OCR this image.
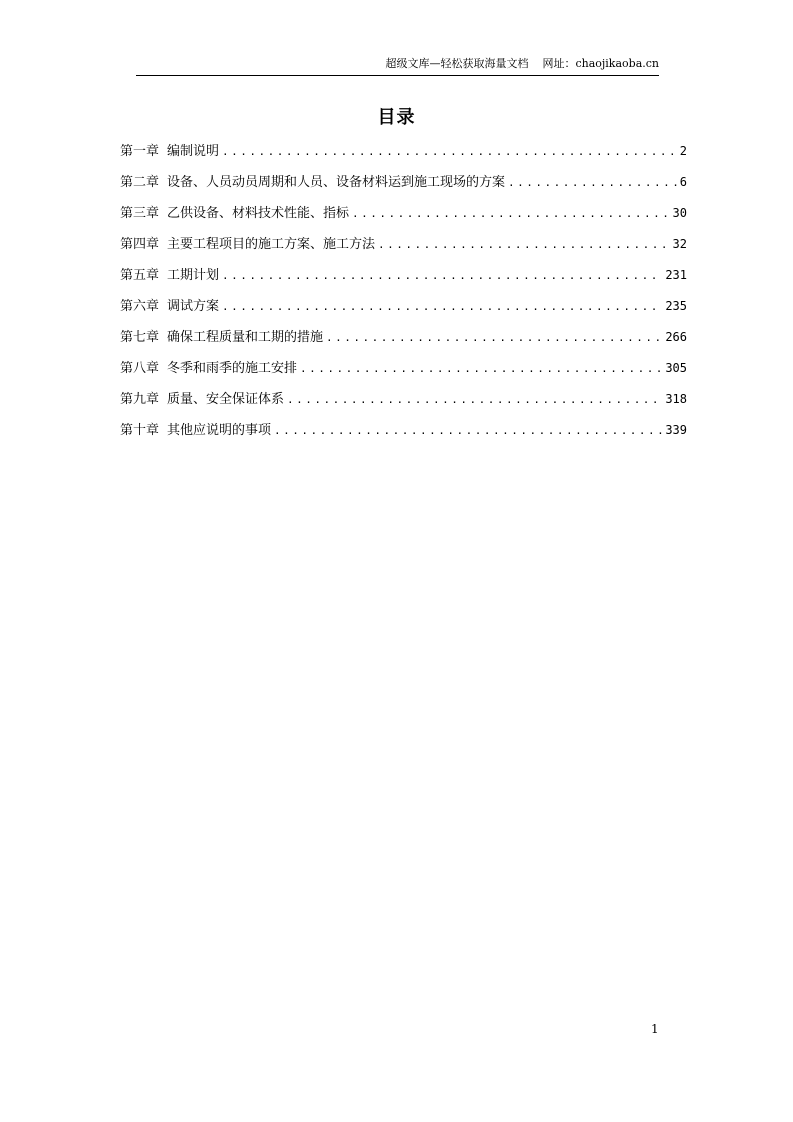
超级文库—轻松获取海量文档    网址：chaojikaoba.cn
目录
第一章 编制说明 .....	2
第二章 设备、人员动员周期和人员、设备材料运到施工现场的方案 .....	6
第三章 乙供设备、材料技术性能、指标 .....	30
第四章 主要工程项目的施工方案、施工方法 .....	32
第五章 工期计划 .....	231
第六章 调试方案 .....	235
第七章 确保工程质量和工期的措施 .....	266
第八章 冬季和雨季的施工安排 .....	305
第九章 质量、安全保证体系 .....	318
第十章 其他应说明的事项 .....	339
1
